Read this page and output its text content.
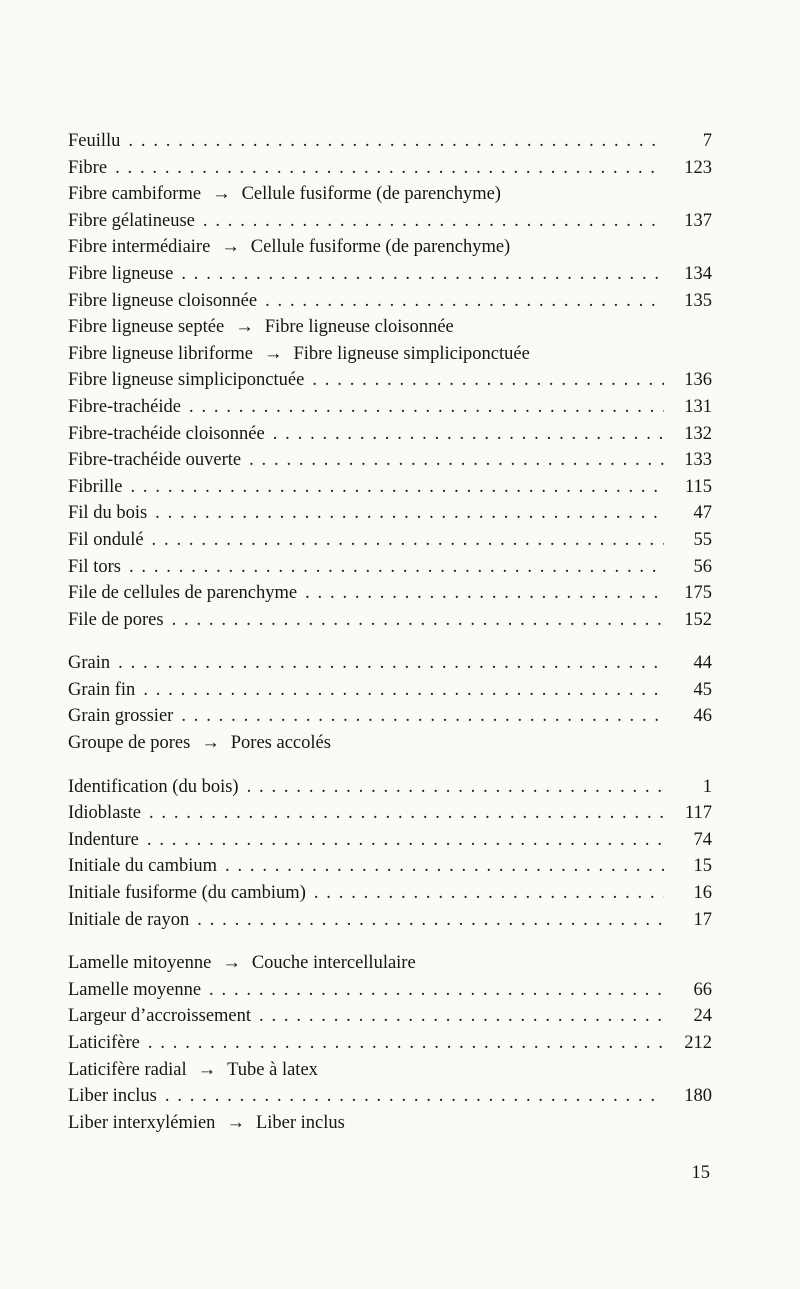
Feuillu . . .	7
Fibre . . .	123
Fibre cambiforme → Cellule fusiforme (de parenchyme)
Fibre gélatineuse . . .	137
Fibre intermédiaire → Cellule fusiforme (de parenchyme)
Fibre ligneuse . . .	134
Fibre ligneuse cloisonnée . . .	135
Fibre ligneuse septée → Fibre ligneuse cloisonnée
Fibre ligneuse libriforme → Fibre ligneuse simpliciponctuée
Fibre ligneuse simpliciponctuée . . .	136
Fibre-trachéide . . .	131
Fibre-trachéide cloisonnée . . .	132
Fibre-trachéide ouverte . . .	133
Fibrille . . .	115
Fil du bois . . .	47
Fil ondulé . . .	55
Fil tors . . .	56
File de cellules de parenchyme . . .	175
File de pores . . .	152
Grain . . .	44
Grain fin . . .	45
Grain grossier . . .	46
Groupe de pores → Pores accolés
Identification (du bois) . . .	1
Idioblaste . . .	117
Indenture . . .	74
Initiale du cambium . . .	15
Initiale fusiforme (du cambium) . . .	16
Initiale de rayon . . .	17
Lamelle mitoyenne → Couche intercellulaire
Lamelle moyenne . . .	66
Largeur d’accroissement . . .	24
Laticifère . . .	212
Laticifère radial → Tube à latex
Liber inclus . . .	180
Liber interxylémien → Liber inclus
15
